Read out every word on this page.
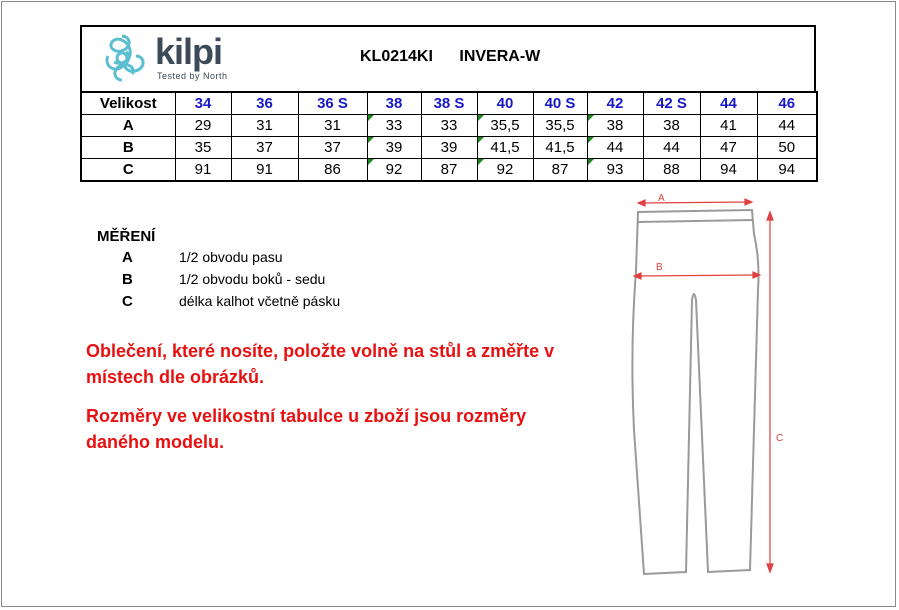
kilpi
Tested by North
KL0214KI INVERA-W
Velikost	34	36	36 S	38	38 S	40	40 S	42	42 S	44	46
A	29	31	31	33	33	35,5	35,5	38	38	41	44
B	35	37	37	39	39	41,5	41,5	44	44	47	50
C	91	91	86	92	87	92	87	93	88	94	94
MĚŘENÍ
A	1/2 obvodu pasu
B	1/2 obvodu boků - sedu
C	délka kalhot včetně pásku
Oblečení, které nosíte, položte volně na stůl a změřte v místech dle obrázků.
Rozměry ve velikostní tabulce u zboží jsou rozměry daného modelu.
A
B
C
